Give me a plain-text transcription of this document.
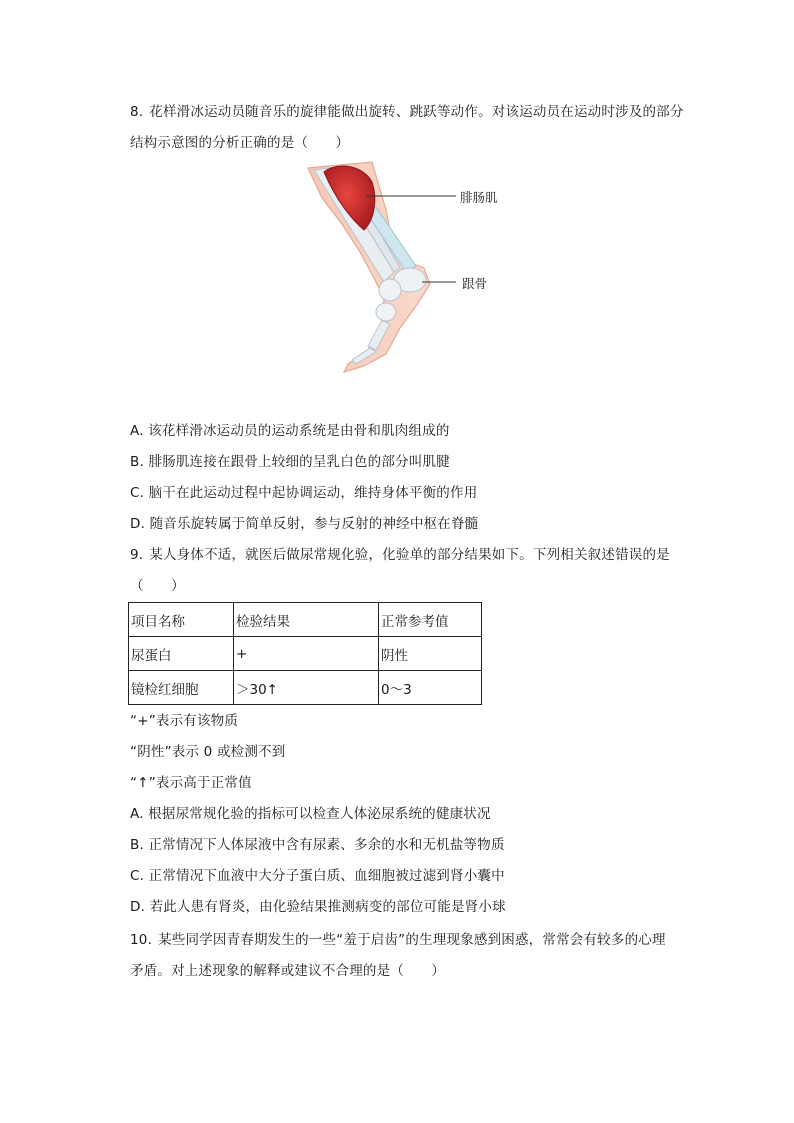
8. 花样滑冰运动员随音乐的旋律能做出旋转、跳跃等动作。对该运动员在运动时涉及的部分
结构示意图的分析正确的是（　　）
腓肠肌
跟骨
A. 该花样滑冰运动员的运动系统是由骨和肌肉组成的
B. 腓肠肌连接在跟骨上较细的呈乳白色的部分叫肌腱
C. 脑干在此运动过程中起协调运动，维持身体平衡的作用
D. 随音乐旋转属于简单反射，参与反射的神经中枢在脊髓
9. 某人身体不适，就医后做尿常规化验，化验单的部分结果如下。下列相关叙述错误的是
（　　）
项目名称	检验结果	正常参考值
尿蛋白	+	阴性
镜检红细胞	＞30↑	0～3
“+”表示有该物质
“阴性”表示 0 或检测不到
“↑”表示高于正常值
A. 根据尿常规化验的指标可以检查人体泌尿系统的健康状况
B. 正常情况下人体尿液中含有尿素、多余的水和无机盐等物质
C. 正常情况下血液中大分子蛋白质、血细胞被过滤到肾小囊中
D. 若此人患有肾炎，由化验结果推测病变的部位可能是肾小球
10. 某些同学因青春期发生的一些“羞于启齿”的生理现象感到困惑，常常会有较多的心理
矛盾。对上述现象的解释或建议不合理的是（　　）
